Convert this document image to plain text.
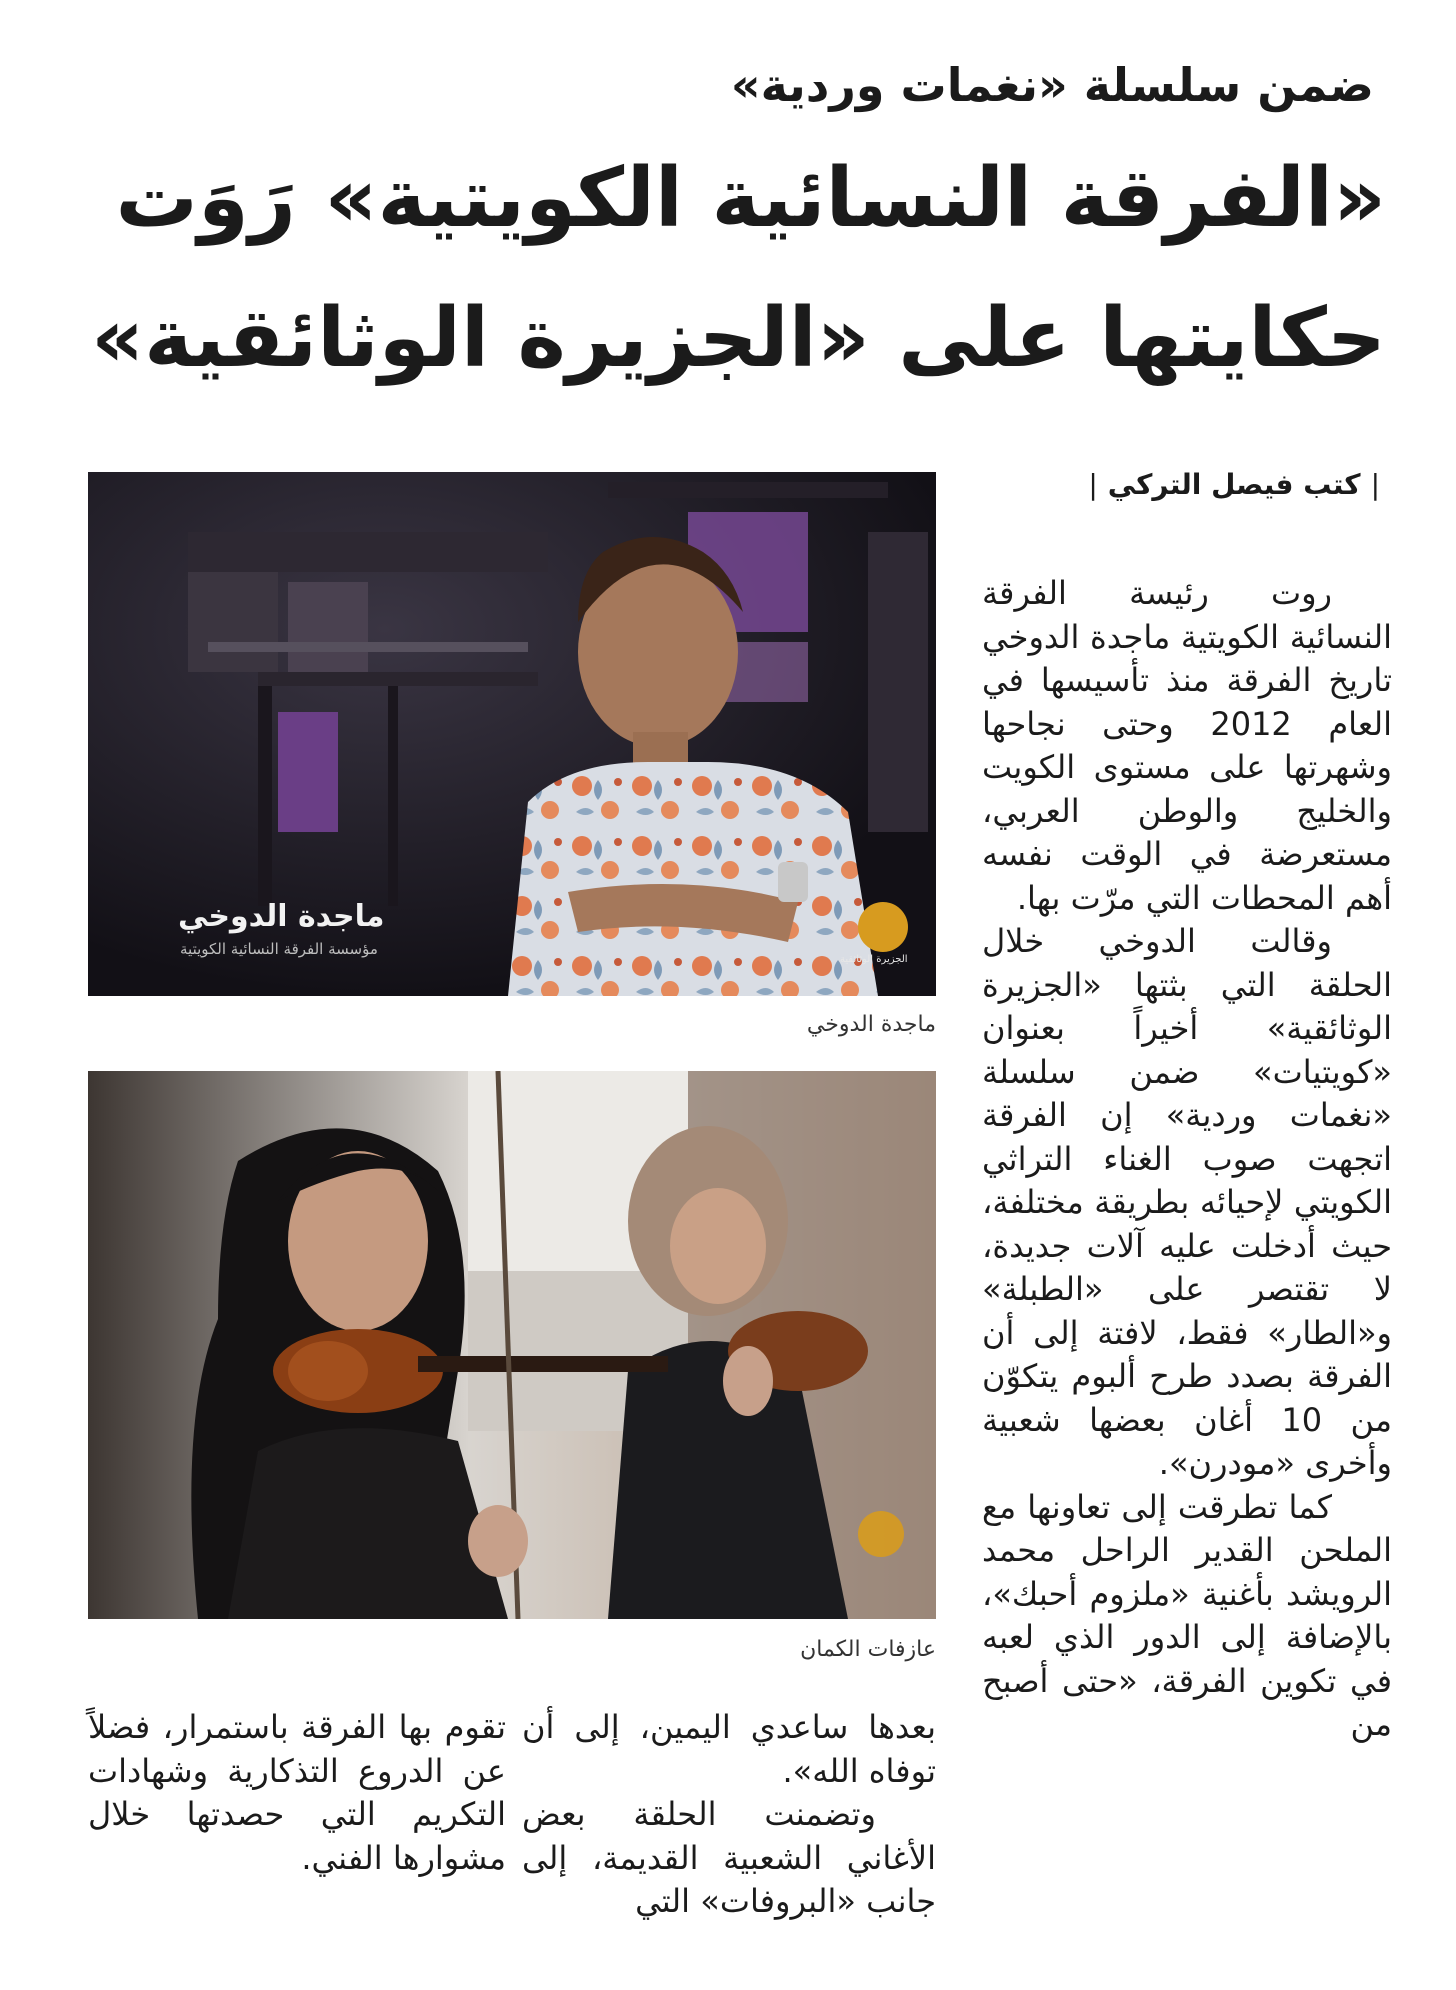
ضمن سلسلة «نغمات وردية»
«الفرقة النسائية الكويتية» رَوَت
حكايتها على «الجزيرة الوثائقية»
|كتب فيصل التركي|
ماجدة الدوخي
مؤسسة الفرقة النسائية الكويتية
الجزيرة الوثائقية
ماجدة الدوخي
عازفات الكمان

روت رئيسة الفرقة النسائية الكويتية ماجدة الدوخي تاريخ الفرقة منذ تأسيسها في العام 2012 وحتى نجاحها وشهرتها على مستوى الكويت والخليج والوطن العربي، مستعرضة في الوقت نفسه أهم المحطات التي مرّت بها.

وقالت الدوخي خلال الحلقة التي بثتها «الجزيرة الوثائقية» أخيراً بعنوان «كويتيات» ضمن سلسلة «نغمات وردية» إن الفرقة اتجهت صوب الغناء التراثي الكويتي لإحيائه بطريقة مختلفة، حيث أدخلت عليه آلات جديدة، لا تقتصر على «الطبلة» و«الطار» فقط، لافتة إلى أن الفرقة بصدد طرح ألبوم يتكوّن من 10 أغان بعضها شعبية وأخرى «مودرن».

كما تطرقت إلى تعاونها مع الملحن القدير الراحل محمد الرويشد بأغنية «ملزوم أحبك»، بالإضافة إلى الدور الذي لعبه في تكوين الفرقة، «حتى أصبح من

بعدها ساعدي اليمين، إلى أن توفاه الله».

وتضمنت الحلقة بعض الأغاني الشعبية القديمة، إلى جانب «البروفات» التي

تقوم بها الفرقة باستمرار، فضلاً عن الدروع التذكارية وشهادات التكريم التي حصدتها خلال مشوارها الفني.
